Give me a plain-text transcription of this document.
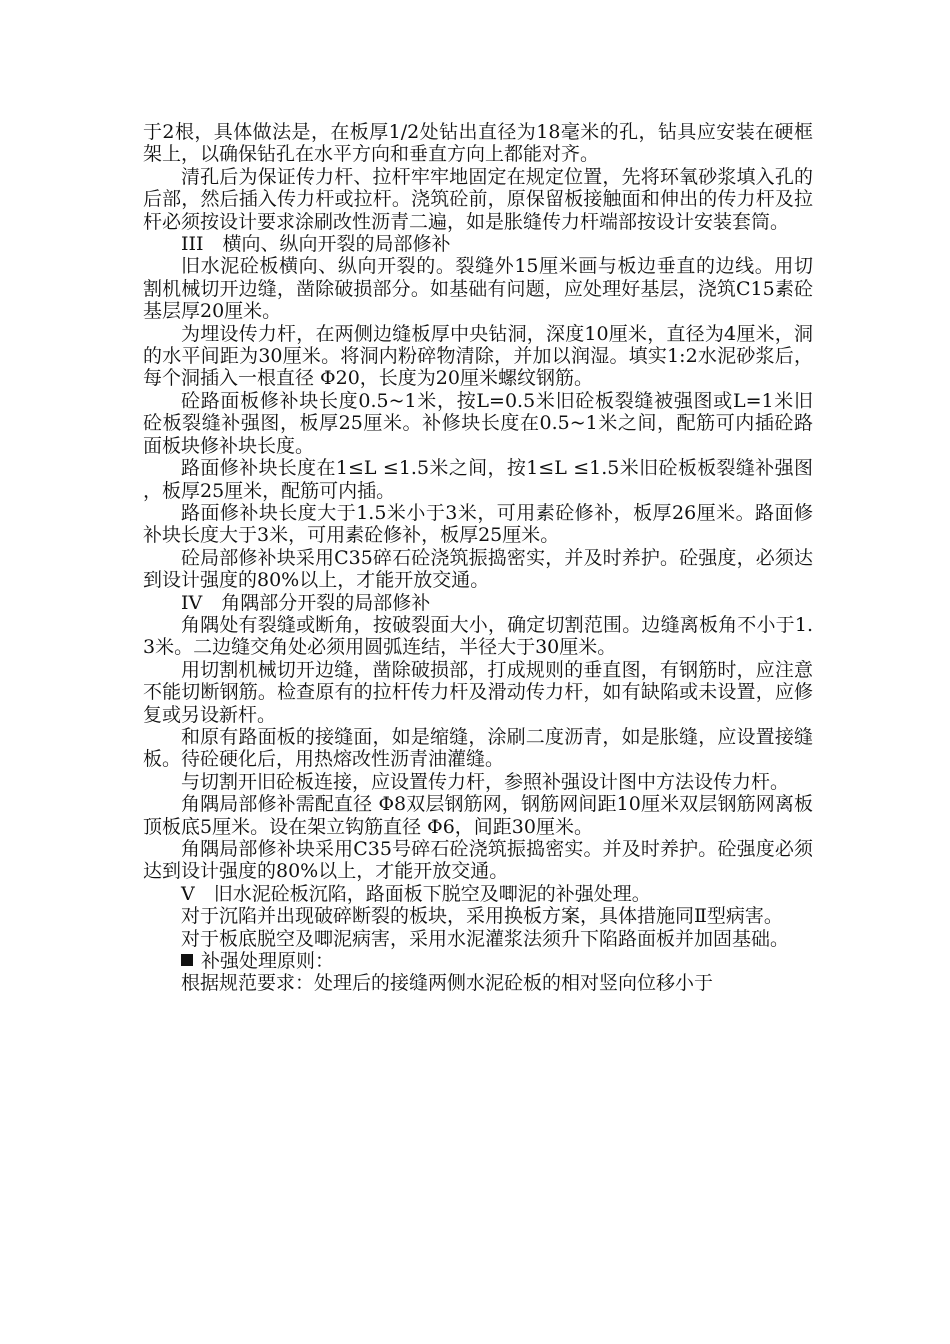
于2根，具体做法是，在板厚1/2处钻出直径为18毫米的孔，钻具应安装在硬框架上，以确保钻孔在水平方向和垂直方向上都能对齐。

清孔后为保证传力杆、拉杆牢牢地固定在规定位置，先将环氧砂浆填入孔的后部，然后插入传力杆或拉杆。浇筑砼前，原保留板接触面和伸出的传力杆及拉杆必须按设计要求涂刷改性沥青二遍，如是胀缝传力杆端部按设计安装套筒。

III　横向、纵向开裂的局部修补

旧水泥砼板横向、纵向开裂的。裂缝外15厘米画与板边垂直的边线。用切割机械切开边缝，凿除破损部分。如基础有问题，应处理好基层，浇筑C15素砼基层厚20厘米。

为埋设传力杆，在两侧边缝板厚中央钻洞，深度10厘米，直径为4厘米，洞的水平间距为30厘米。将洞内粉碎物清除，并加以润湿。填实1:2水泥砂浆后，每个洞插入一根直径 Φ20，长度为20厘米螺纹钢筋。

砼路面板修补块长度0.5~1米，按L=0.5米旧砼板裂缝被强图或L=1米旧砼板裂缝补强图，板厚25厘米。补修块长度在0.5~1米之间，配筋可内插砼路面板块修补块长度。

路面修补块长度在1≤L ≤1.5米之间，按1≤L ≤1.5米旧砼板板裂缝补强图，板厚25厘米，配筋可内插。

路面修补块长度大于1.5米小于3米，可用素砼修补，板厚26厘米。路面修补块长度大于3米，可用素砼修补，板厚25厘米。

砼局部修补块采用C35碎石砼浇筑振捣密实，并及时养护。砼强度，必须达到设计强度的80%以上，才能开放交通。

IV　角隅部分开裂的局部修补

角隅处有裂缝或断角，按破裂面大小，确定切割范围。边缝离板角不小于1.3米。二边缝交角处必须用圆弧连结，半径大于30厘米。

用切割机械切开边缝，凿除破损部，打成规则的垂直图，有钢筋时，应注意不能切断钢筋。检查原有的拉杆传力杆及滑动传力杆，如有缺陷或未设置，应修复或另设新杆。

和原有路面板的接缝面，如是缩缝，涂刷二度沥青，如是胀缝，应设置接缝板。待砼硬化后，用热熔改性沥青油灌缝。

与切割开旧砼板连接，应设置传力杆，参照补强设计图中方法设传力杆。

角隅局部修补需配直径 Φ8双层钢筋网，钢筋网间距10厘米双层钢筋网离板顶板底5厘米。设在架立钩筋直径 Φ6，间距30厘米。

角隅局部修补块采用C35号碎石砼浇筑振捣密实。并及时养护。砼强度必须达到设计强度的80%以上，才能开放交通。

V　旧水泥砼板沉陷，路面板下脱空及唧泥的补强处理。

对于沉陷并出现破碎断裂的板块，采用换板方案，具体措施同Ⅱ型病害。

对于板底脱空及唧泥病害，采用水泥灌浆法须升下陷路面板并加固基础。

补强处理原则：

根据规范要求：处理后的接缝两侧水泥砼板的相对竖向位移小于
